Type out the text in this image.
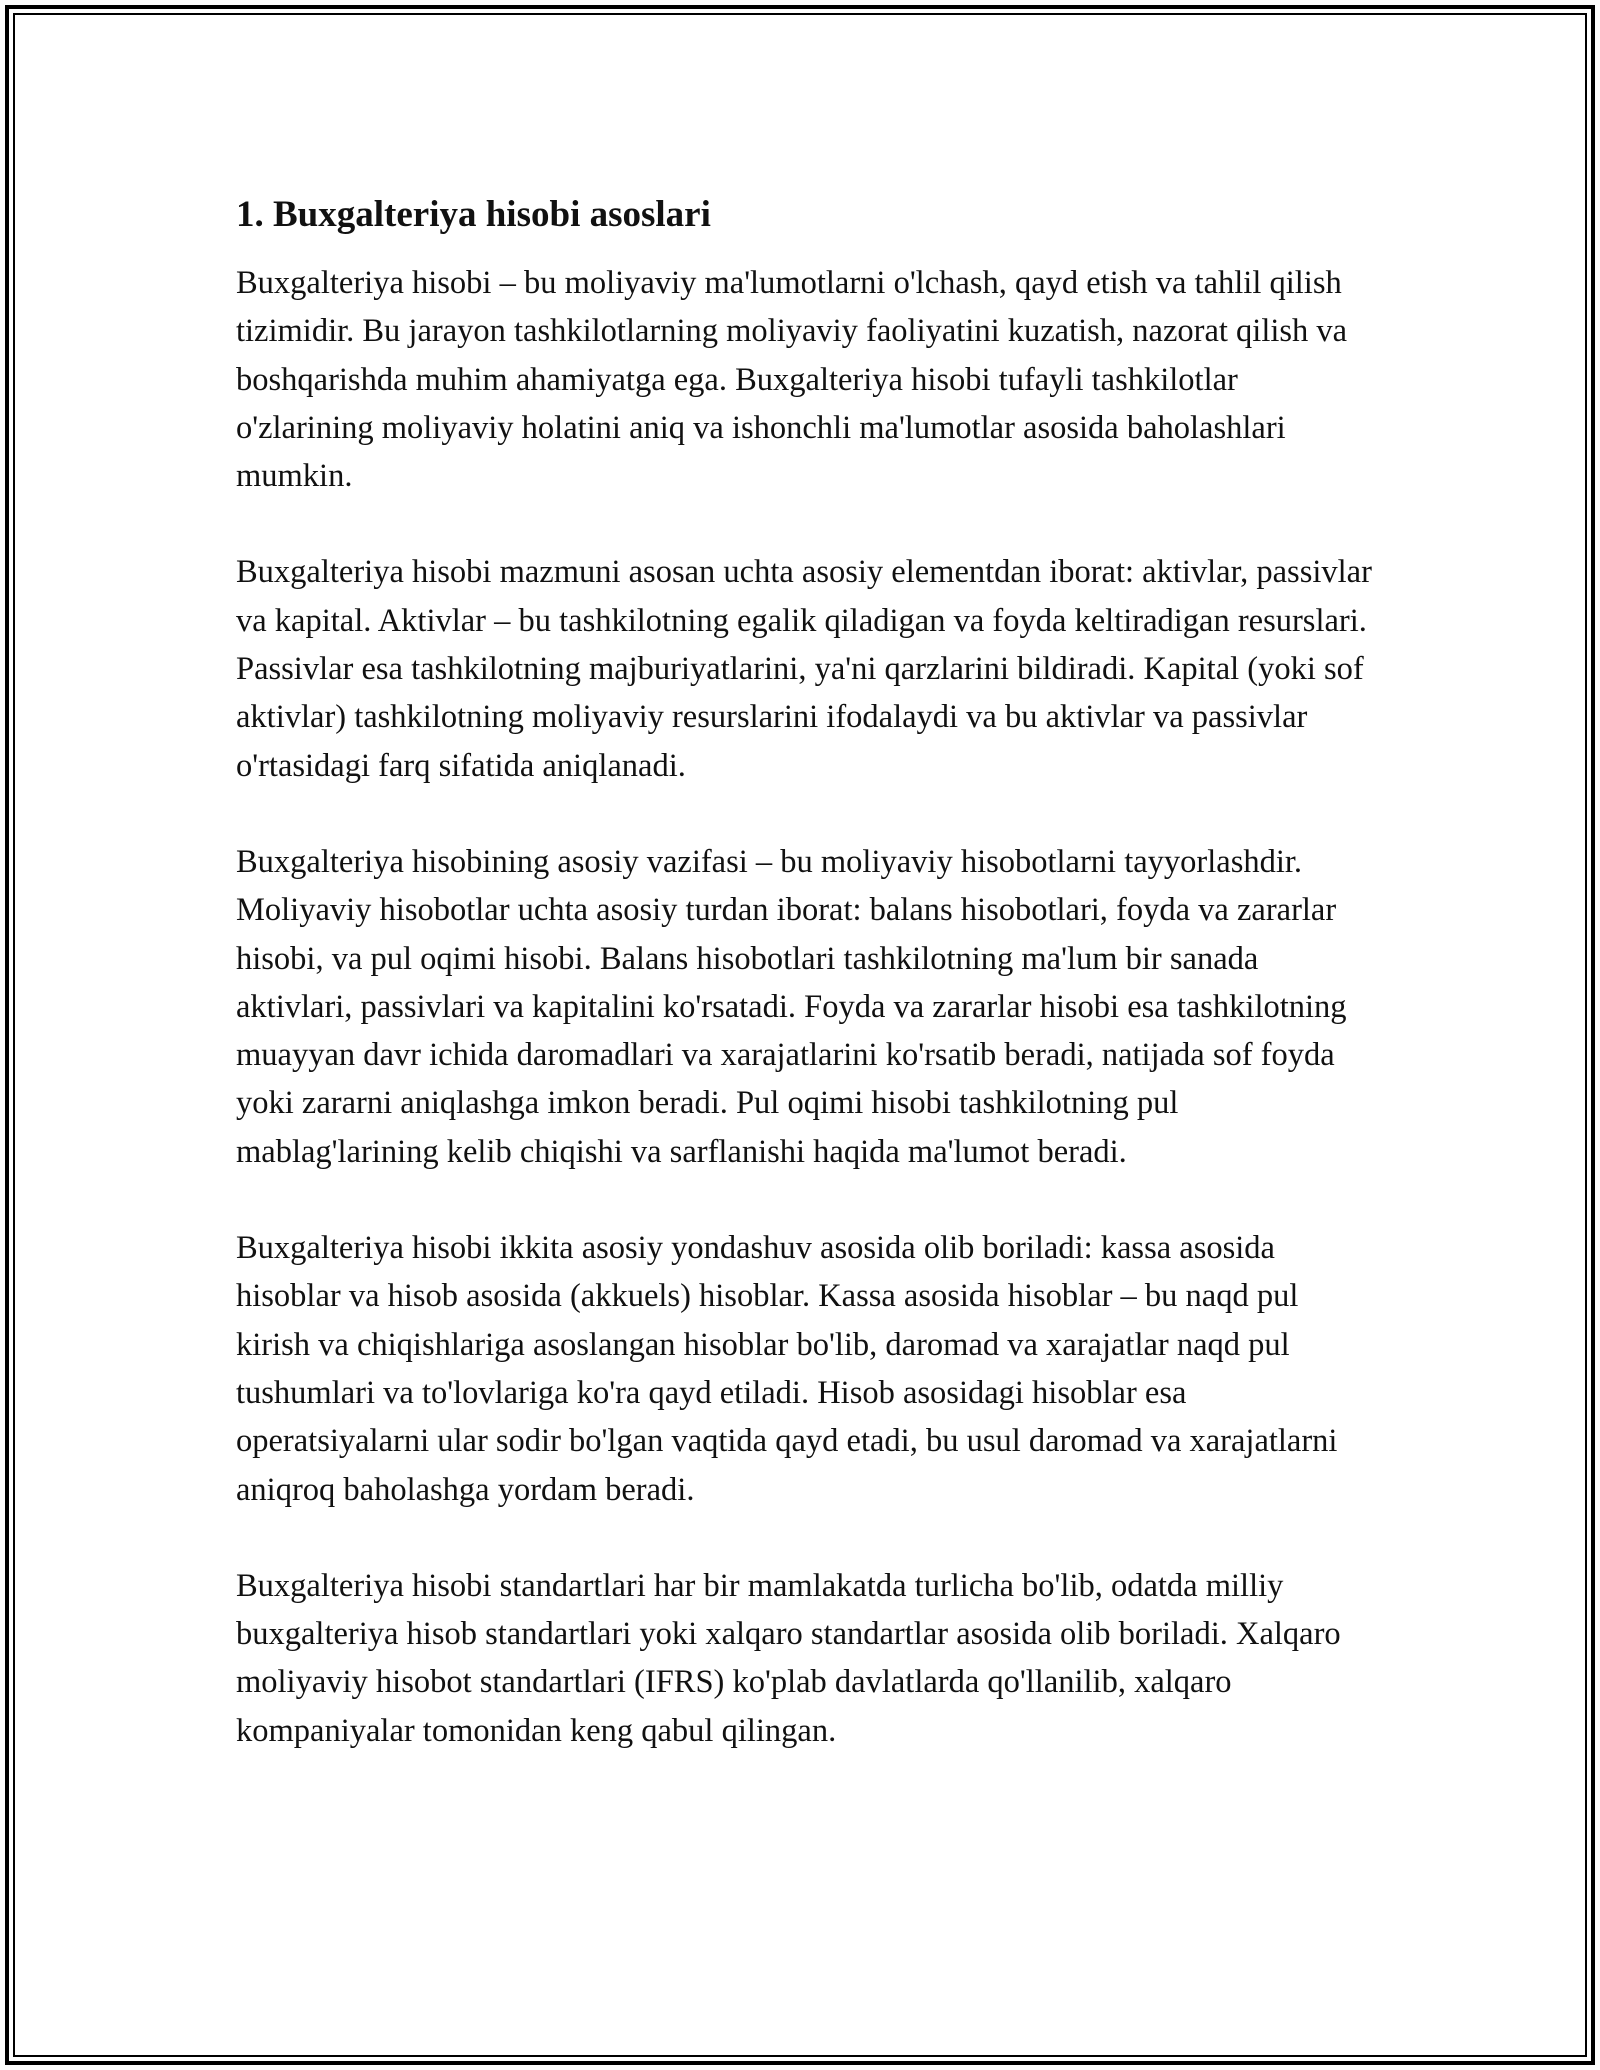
1. Buxgalteriya hisobi asoslari

Buxgalteriya hisobi – bu moliyaviy ma'lumotlarni o'lchash, qayd etish va tahlil qilish tizimidir. Bu jarayon tashkilotlarning moliyaviy faoliyatini kuzatish, nazorat qilish va boshqarishda muhim ahamiyatga ega. Buxgalteriya hisobi tufayli tashkilotlar o'zlarining moliyaviy holatini aniq va ishonchli ma'lumotlar asosida baholashlari mumkin.

Buxgalteriya hisobi mazmuni asosan uchta asosiy elementdan iborat: aktivlar, passivlar va kapital. Aktivlar – bu tashkilotning egalik qiladigan va foyda keltiradigan resurslari. Passivlar esa tashkilotning majburiyatlarini, ya'ni qarzlarini bildiradi. Kapital (yoki sof aktivlar) tashkilotning moliyaviy resurslarini ifodalaydi va bu aktivlar va passivlar o'rtasidagi farq sifatida aniqlanadi.

Buxgalteriya hisobining asosiy vazifasi – bu moliyaviy hisobotlarni tayyorlashdir. Moliyaviy hisobotlar uchta asosiy turdan iborat: balans hisobotlari, foyda va zararlar hisobi, va pul oqimi hisobi. Balans hisobotlari tashkilotning ma'lum bir sanada aktivlari, passivlari va kapitalini ko'rsatadi. Foyda va zararlar hisobi esa tashkilotning muayyan davr ichida daromadlari va xarajatlarini ko'rsatib beradi, natijada sof foyda yoki zararni aniqlashga imkon beradi. Pul oqimi hisobi tashkilotning pul mablag'larining kelib chiqishi va sarflanishi haqida ma'lumot beradi.

Buxgalteriya hisobi ikkita asosiy yondashuv asosida olib boriladi: kassa asosida hisoblar va hisob asosida (akkuels) hisoblar. Kassa asosida hisoblar – bu naqd pul kirish va chiqishlariga asoslangan hisoblar bo'lib, daromad va xarajatlar naqd pul tushumlari va to'lovlariga ko'ra qayd etiladi. Hisob asosidagi hisoblar esa operatsiyalarni ular sodir bo'lgan vaqtida qayd etadi, bu usul daromad va xarajatlarni aniqroq baholashga yordam beradi.

Buxgalteriya hisobi standartlari har bir mamlakatda turlicha bo'lib, odatda milliy buxgalteriya hisob standartlari yoki xalqaro standartlar asosida olib boriladi. Xalqaro moliyaviy hisobot standartlari (IFRS) ko'plab davlatlarda qo'llanilib, xalqaro kompaniyalar tomonidan keng qabul qilingan.
